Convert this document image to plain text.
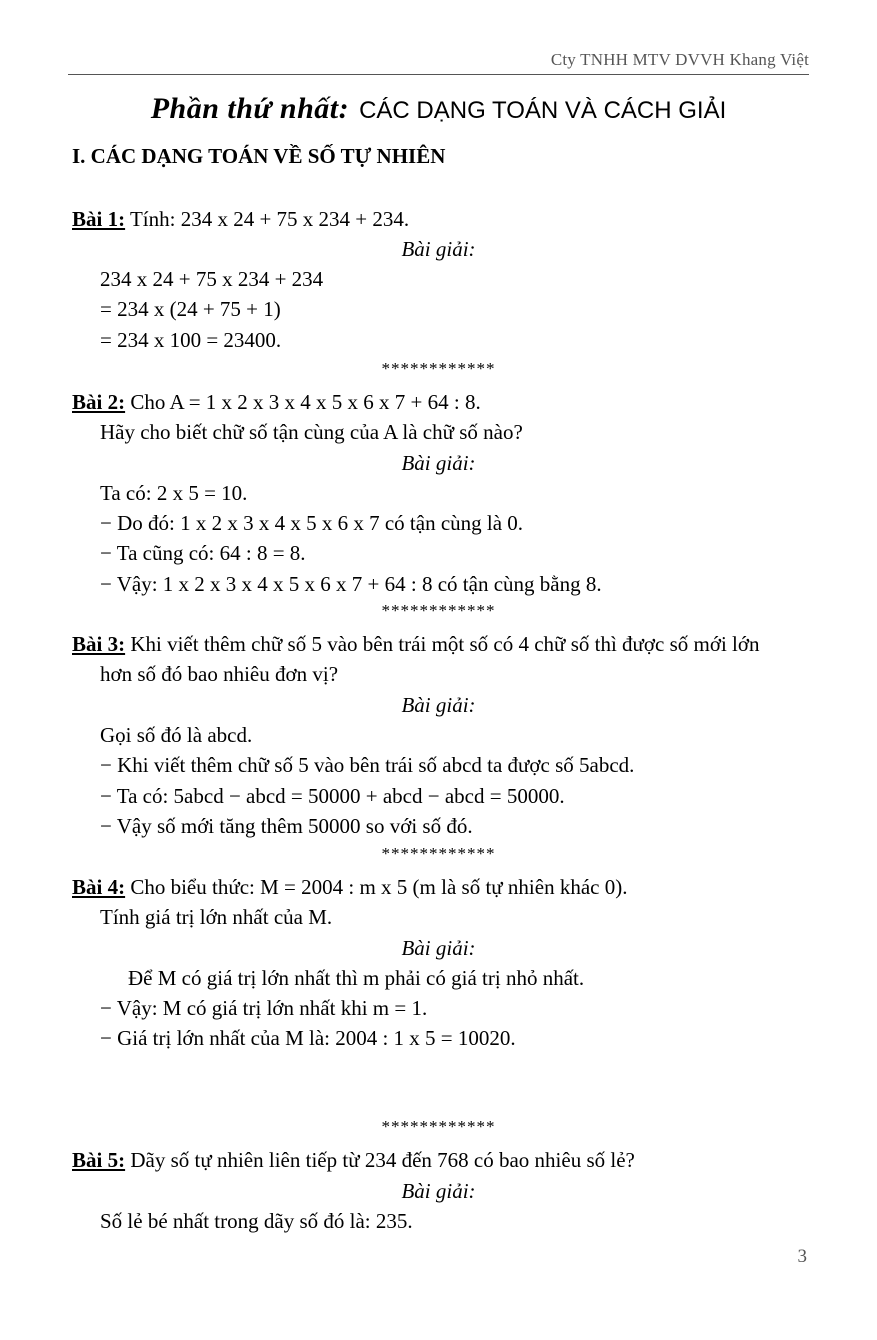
Cty TNHH MTV DVVH Khang Việt
Phần thứ nhất: CÁC DẠNG TOÁN VÀ CÁCH GIẢI
I. CÁC DẠNG TOÁN VỀ SỐ TỰ NHIÊN
Bài 1: Tính: 234 x 24 + 75 x 234 + 234.
Bài giải:
234 x 24 + 75 x 234 + 234
= 234 x (24 + 75 + 1)
= 234 x 100 = 23400.
************
Bài 2: Cho A = 1 x 2 x 3 x 4 x 5 x 6 x 7 + 64 : 8.
Hãy cho biết chữ số tận cùng của A là chữ số nào?
Bài giải:
Ta có: 2 x 5 = 10.
− Do đó: 1 x 2 x 3 x 4 x 5 x 6 x 7 có tận cùng là 0.
− Ta cũng có: 64 : 8 = 8.
− Vậy: 1 x 2 x 3 x 4 x 5 x 6 x 7 + 64 : 8 có tận cùng bằng 8.
************
Bài 3: Khi viết thêm chữ số 5 vào bên trái một số có 4 chữ số thì được số mới lớn
hơn số đó bao nhiêu đơn vị?
Bài giải:
Gọi số đó là abcd.
− Khi viết thêm chữ số 5 vào bên trái số abcd ta được số 5abcd.
− Ta có: 5abcd − abcd = 50000 + abcd − abcd = 50000.
− Vậy số mới tăng thêm 50000 so với số đó.
************
Bài 4: Cho biểu thức: M = 2004 : m x 5 (m là số tự nhiên khác 0).
Tính giá trị lớn nhất của M.
Bài giải:
Để M có giá trị lớn nhất thì m phải có giá trị nhỏ nhất.
− Vậy: M có giá trị lớn nhất khi m = 1.
− Giá trị lớn nhất của M là: 2004 : 1 x 5 = 10020.
************
Bài 5: Dãy số tự nhiên liên tiếp từ 234 đến 768 có bao nhiêu số lẻ?
Bài giải:
Số lẻ bé nhất trong dãy số đó là: 235.
3
